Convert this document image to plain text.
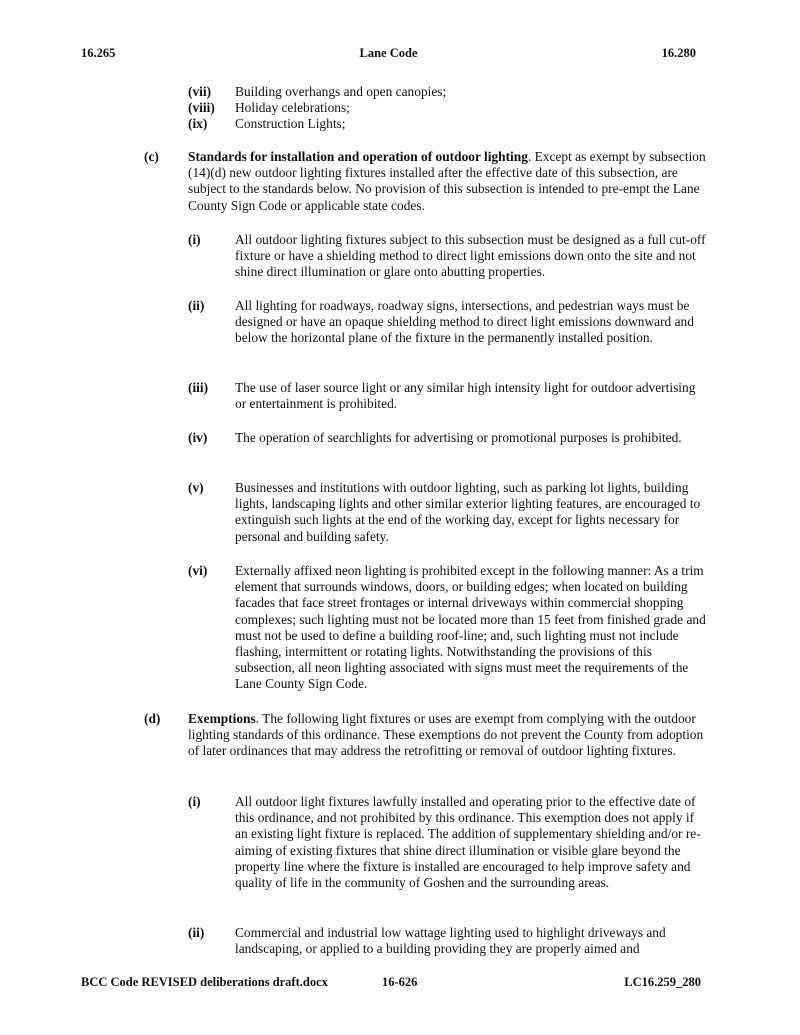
16.265	Lane Code	16.280
(vii) Building overhangs and open canopies;
(viii) Holiday celebrations;
(ix) Construction Lights;
(c) Standards for installation and operation of outdoor lighting. Except as exempt by subsection (14)(d) new outdoor lighting fixtures installed after the effective date of this subsection, are subject to the standards below. No provision of this subsection is intended to pre-empt the Lane County Sign Code or applicable state codes.
(i)	All outdoor lighting fixtures subject to this subsection must be designed as a full cut-off fixture or have a shielding method to direct light emissions down onto the site and not shine direct illumination or glare onto abutting properties.
(ii) All lighting for roadways, roadway signs, intersections, and pedestrian ways must be designed or have an opaque shielding method to direct light emissions downward and below the horizontal plane of the fixture in the permanently installed position.
(iii) The use of laser source light or any similar high intensity light for outdoor advertising or entertainment is prohibited.
(iv) The operation of searchlights for advertising or promotional purposes is prohibited.
(v) Businesses and institutions with outdoor lighting, such as parking lot lights, building lights, landscaping lights and other similar exterior lighting features, are encouraged to extinguish such lights at the end of the working day, except for lights necessary for personal and building safety.
(vi) Externally affixed neon lighting is prohibited except in the following manner: As a trim element that surrounds windows, doors, or building edges; when located on building facades that face street frontages or internal driveways within commercial shopping complexes; such lighting must not be located more than 15 feet from finished grade and must not be used to define a building roof-line; and, such lighting must not include flashing, intermittent or rotating lights. Notwithstanding the provisions of this subsection, all neon lighting associated with signs must meet the requirements of the Lane County Sign Code.
(d) Exemptions. The following light fixtures or uses are exempt from complying with the outdoor lighting standards of this ordinance. These exemptions do not prevent the County from adoption of later ordinances that may address the retrofitting or removal of outdoor lighting fixtures.
(i)	All outdoor light fixtures lawfully installed and operating prior to the effective date of this ordinance, and not prohibited by this ordinance. This exemption does not apply if an existing light fixture is replaced. The addition of supplementary shielding and/or re-aiming of existing fixtures that shine direct illumination or visible glare beyond the property line where the fixture is installed are encouraged to help improve safety and quality of life in the community of Goshen and the surrounding areas.
(ii) Commercial and industrial low wattage lighting used to highlight driveways and landscaping, or applied to a building providing they are properly aimed and
BCC Code REVISED deliberations draft.docx	16-626	LC16.259_280
